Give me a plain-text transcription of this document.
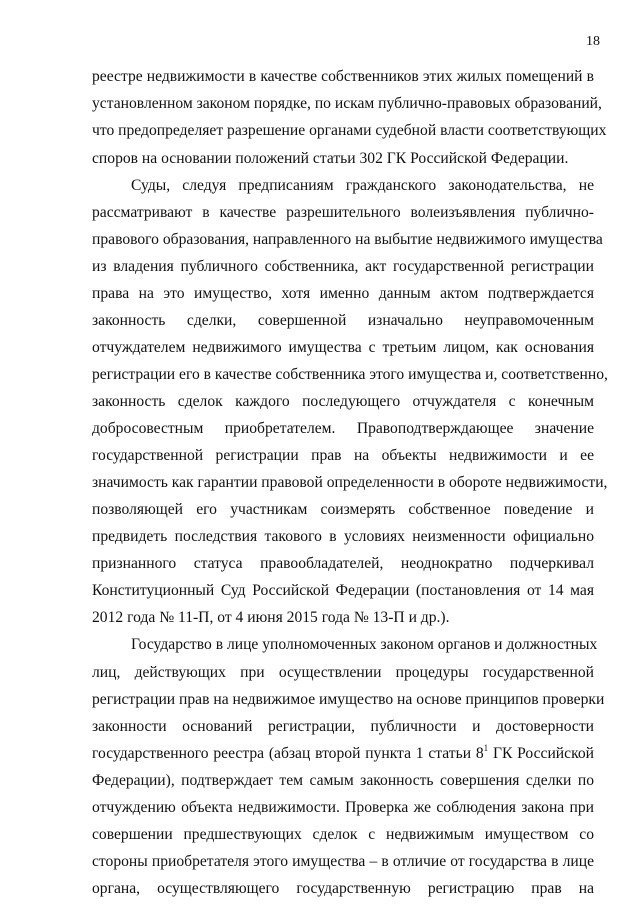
18
реестре недвижимости в качестве собственников этих жилых помещений в
установленном законом порядке, по искам публично-правовых образований,
что предопределяет разрешение органами судебной власти соответствующих
споров на основании положений статьи 302 ГК Российской Федерации.
Суды, следуя предписаниям гражданского законодательства, не
рассматривают в качестве разрешительного волеизъявления публично-
правового образования, направленного на выбытие недвижимого имущества
из владения публичного собственника, акт государственной регистрации
права на это имущество, хотя именно данным актом подтверждается
законность сделки, совершенной изначально неуправомоченным
отчуждателем недвижимого имущества с третьим лицом, как основания
регистрации его в качестве собственника этого имущества и, соответственно,
законность сделок каждого последующего отчуждателя с конечным
добросовестным приобретателем. Правоподтверждающее значение
государственной регистрации прав на объекты недвижимости и ее
значимость как гарантии правовой определенности в обороте недвижимости,
позволяющей его участникам соизмерять собственное поведение и
предвидеть последствия такового в условиях неизменности официально
признанного статуса правообладателей, неоднократно подчеркивал
Конституционный Суд Российской Федерации (постановления от 14 мая
2012 года № 11-П, от 4 июня 2015 года № 13-П и др.).
Государство в лице уполномоченных законом органов и должностных
лиц, действующих при осуществлении процедуры государственной
регистрации прав на недвижимое имущество на основе принципов проверки
законности оснований регистрации, публичности и достоверности
государственного реестра (абзац второй пункта 1 статьи $8^1$ ГК Российской
Федерации), подтверждает тем самым законность совершения сделки по
отчуждению объекта недвижимости. Проверка же соблюдения закона при
совершении предшествующих сделок с недвижимым имуществом со
стороны приобретателя этого имущества – в отличие от государства в лице
органа, осуществляющего государственную регистрацию прав на
